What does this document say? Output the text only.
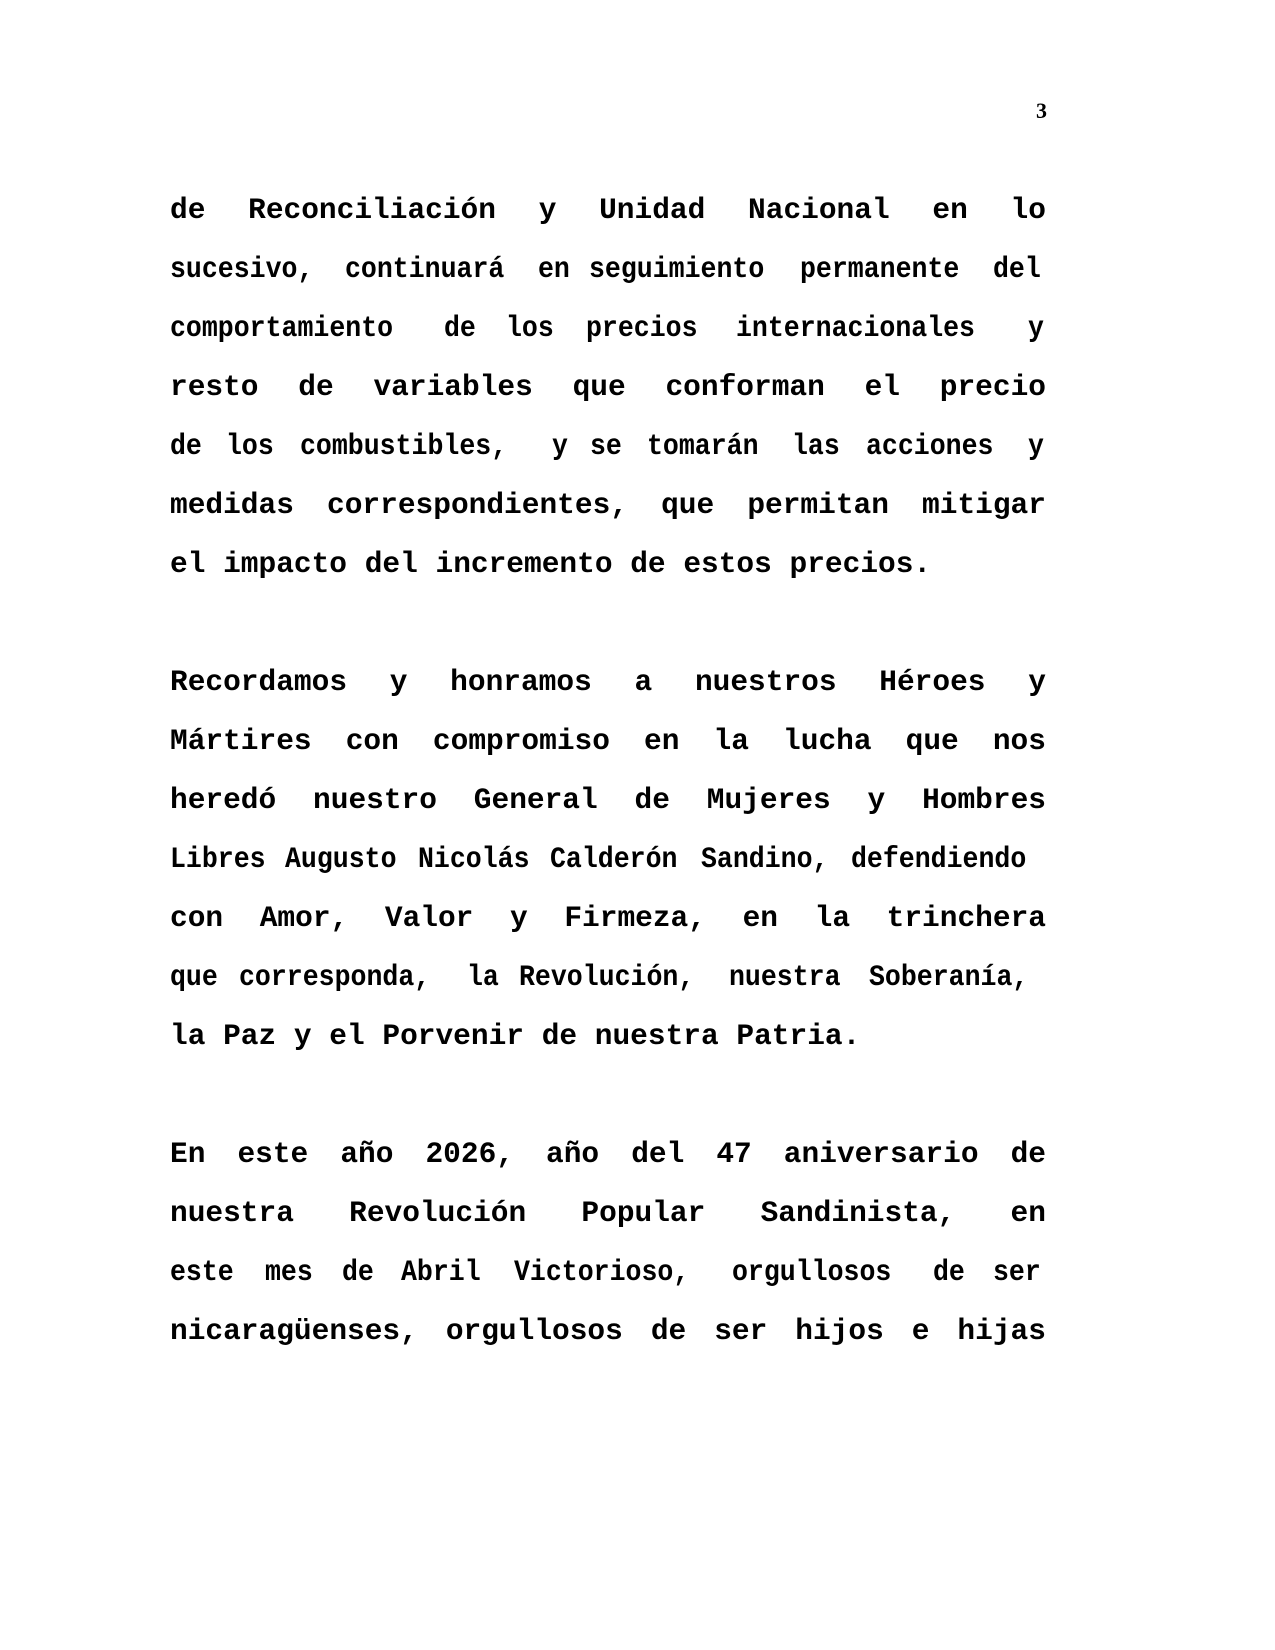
3
de Reconciliación y Unidad Nacional en lo
sucesivo, continuará en seguimiento permanente del
comportamiento de los precios internacionales y
resto de variables que conforman el precio
de los combustibles, y se tomarán las acciones y
medidas correspondientes, que permitan mitigar
el impacto del incremento de estos precios.
Recordamos y honramos a nuestros Héroes y
Mártires con compromiso en la lucha que nos
heredó nuestro General de Mujeres y Hombres
Libres Augusto Nicolás Calderón Sandino, defendiendo
con Amor, Valor y Firmeza, en la trinchera
que corresponda, la Revolución, nuestra Soberanía,
la Paz y el Porvenir de nuestra Patria.
En este año 2026, año del 47 aniversario de
nuestra Revolución Popular Sandinista, en
este mes de Abril Victorioso, orgullosos de ser
nicaragüenses, orgullosos de ser hijos e hijas
